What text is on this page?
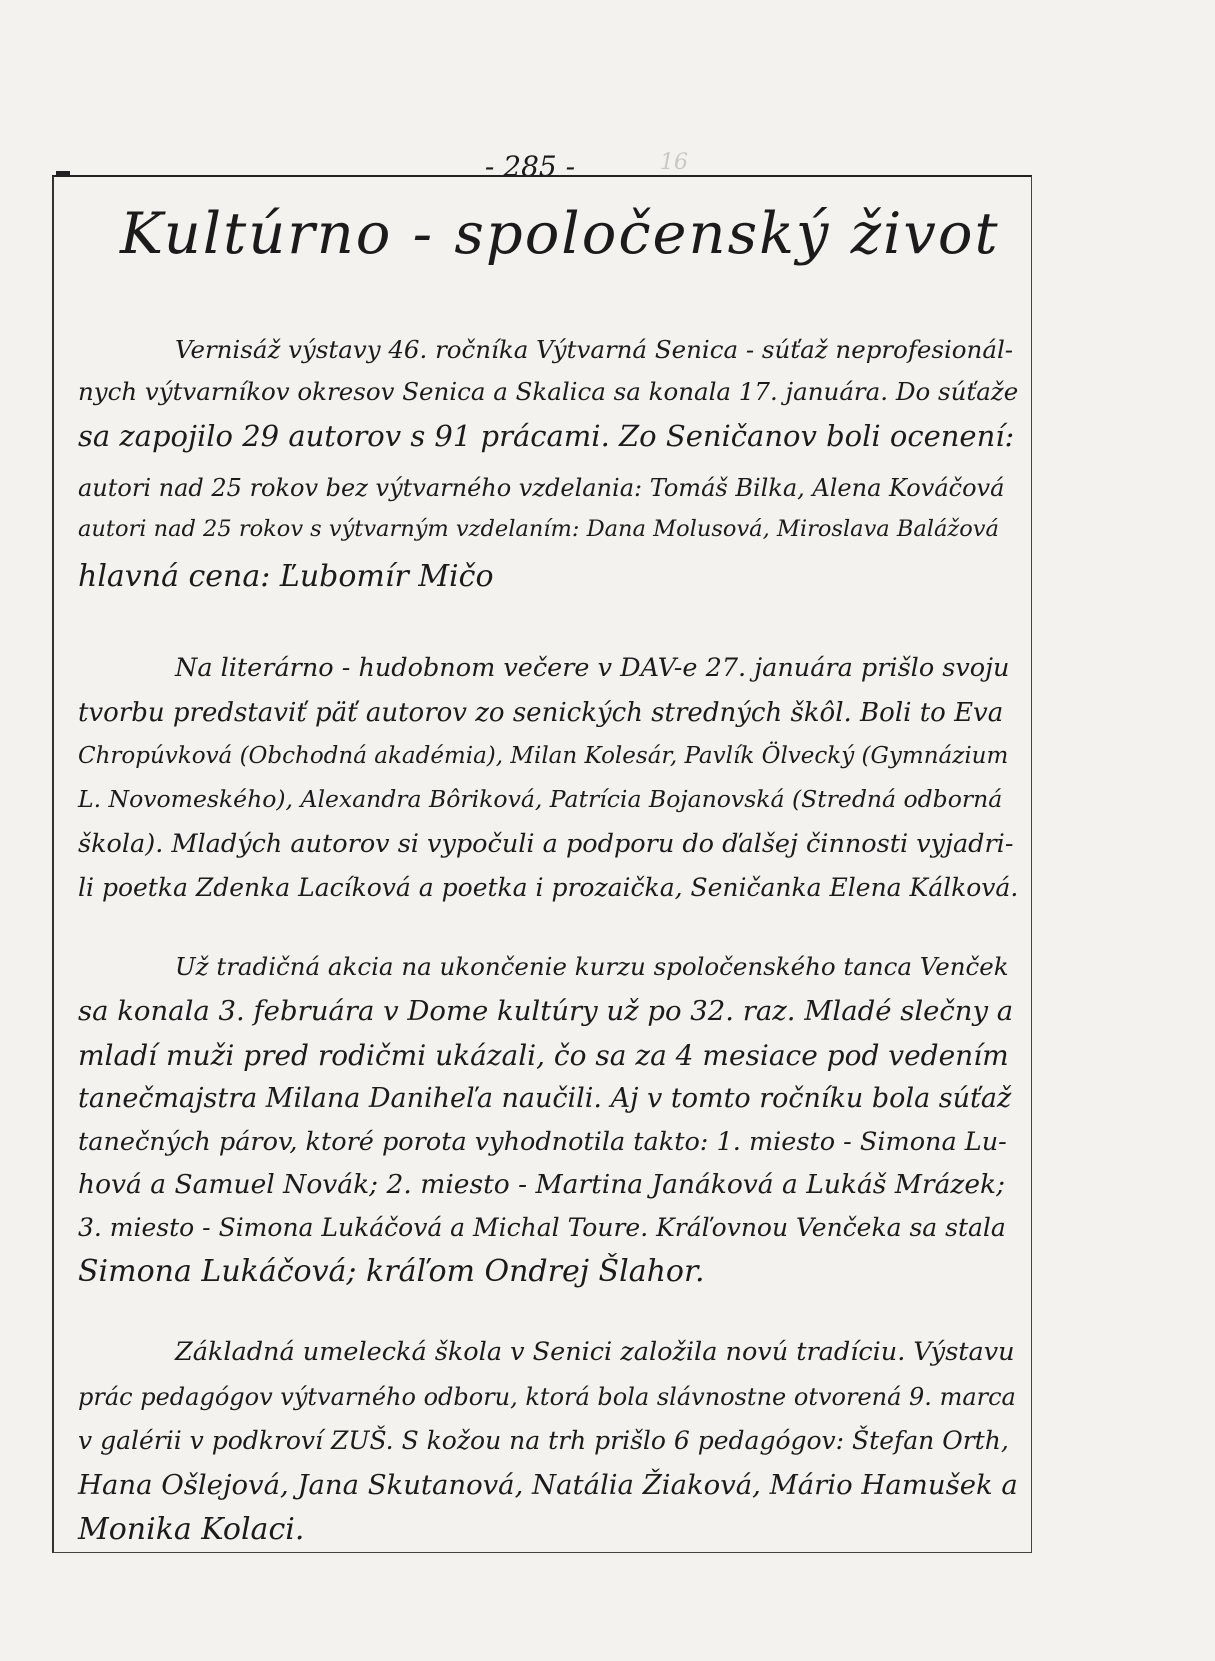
- 285 -	16
Kultúrno - spoločenský život
Vernisáž výstavy 46. ročníka Výtvarná Senica - súťaž neprofesionál-
nych výtvarníkov okresov Senica a Skalica sa konala 17. januára. Do súťaže
sa zapojilo 29 autorov s 91 prácami. Zo Seničanov boli ocenení:
autori nad 25 rokov bez výtvarného vzdelania: Tomáš Bilka, Alena Kováčová
autori nad 25 rokov s výtvarným vzdelaním: Dana Molusová, Miroslava Balážová
hlavná cena: Ľubomír Mičo
Na literárno - hudobnom večere v DAV-e 27. januára prišlo svoju
tvorbu predstaviť päť autorov zo senických stredných škôl. Boli to Eva
Chropúvková (Obchodná akadémia), Milan Kolesár, Pavlík Ölvecký (Gymnázium
L. Novomeského), Alexandra Bôriková, Patrícia Bojanovská (Stredná odborná
škola). Mladých autorov si vypočuli a podporu do ďalšej činnosti vyjadri-
li poetka Zdenka Lacíková a poetka i prozaička, Seničanka Elena Kálková.
Už tradičná akcia na ukončenie kurzu spoločenského tanca Venček
sa konala 3. februára v Dome kultúry už po 32. raz. Mladé slečny a
mladí muži pred rodičmi ukázali, čo sa za 4 mesiace pod vedením
tanečmajstra Milana Daniheľa naučili. Aj v tomto ročníku bola súťaž
tanečných párov, ktoré porota vyhodnotila takto: 1. miesto - Simona Lu-
hová a Samuel Novák; 2. miesto - Martina Janáková a Lukáš Mrázek;
3. miesto - Simona Lukáčová a Michal Toure. Kráľovnou Venčeka sa stala
Simona Lukáčová; kráľom Ondrej Šlahor.
Základná umelecká škola v Senici založila novú tradíciu. Výstavu
prác pedagógov výtvarného odboru, ktorá bola slávnostne otvorená 9. marca
v galérii v podkroví ZUŠ. S kožou na trh prišlo 6 pedagógov: Štefan Orth,
Hana Ošlejová, Jana Skutanová, Natália Žiaková, Mário Hamušek a
Monika Kolaci.
